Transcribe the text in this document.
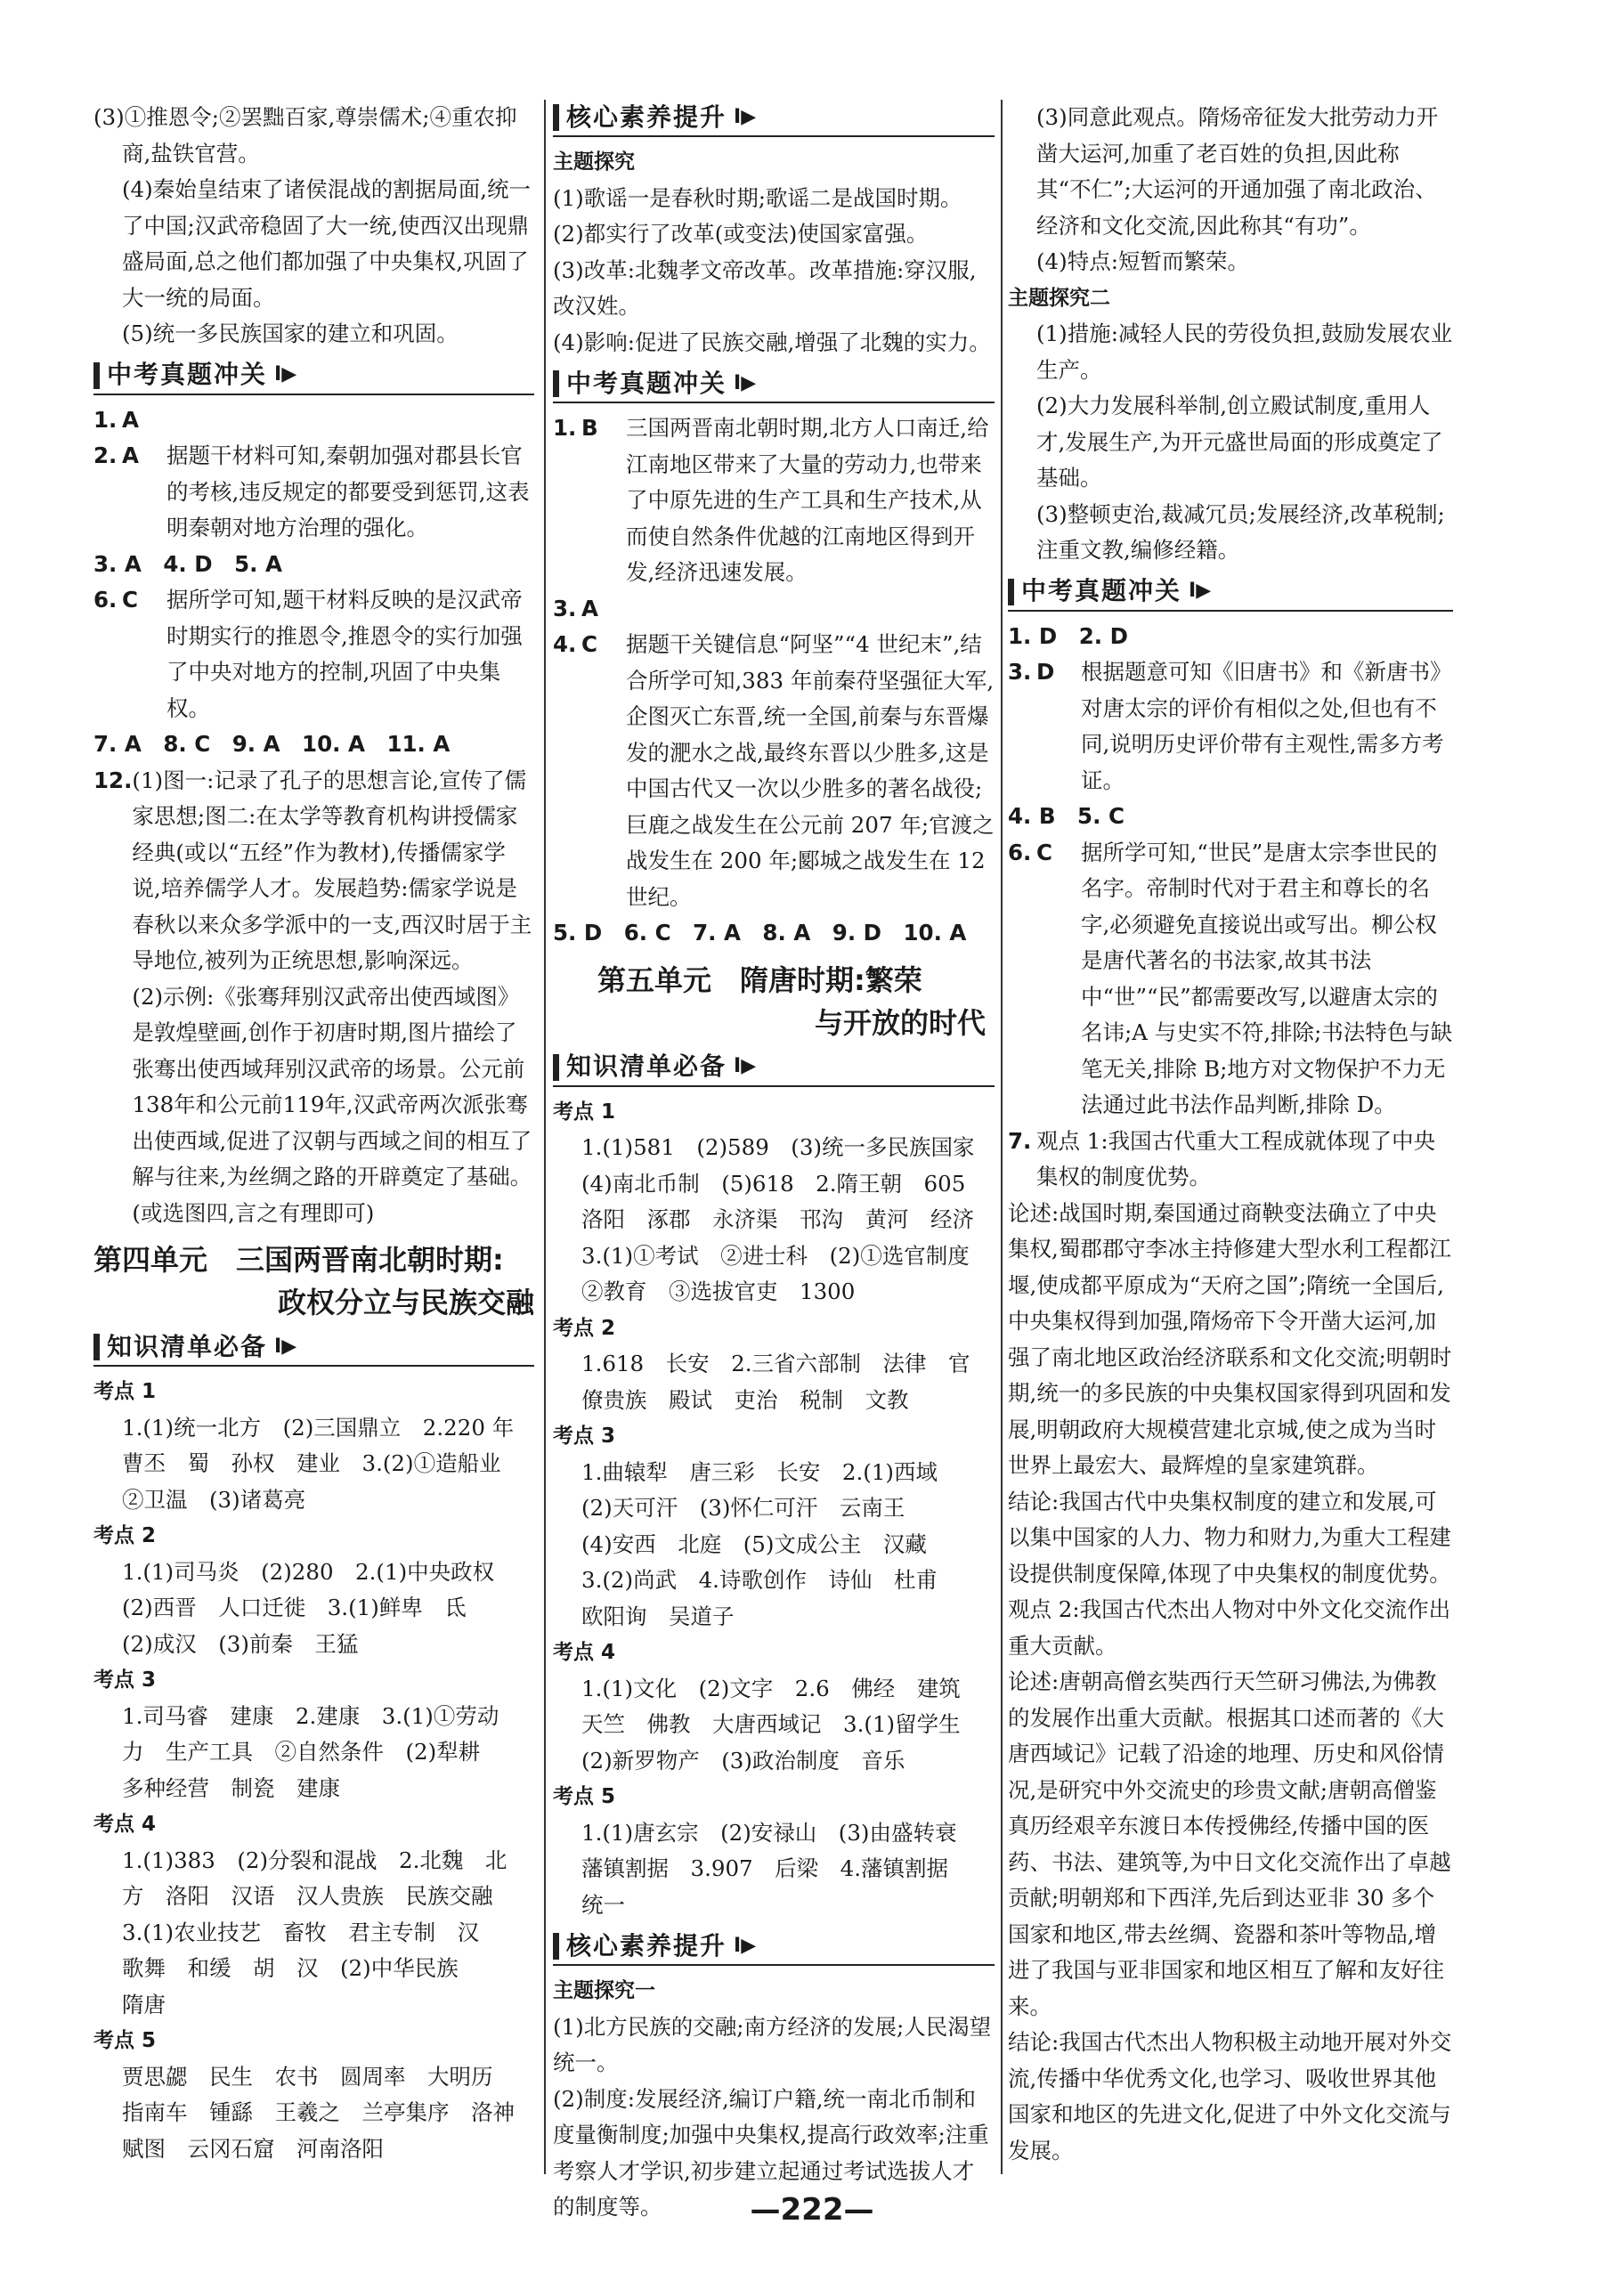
(3)①推恩令;②罢黜百家,尊崇儒术;④重农抑商,盐铁官营。

(4)秦始皇结束了诸侯混战的割据局面,统一了中国;汉武帝稳固了大一统,使西汉出现鼎盛局面,总之他们都加强了中央集权,巩固了大一统的局面。

(5)统一多民族国家的建立和巩固。

中考真题冲关 I▶
1. A
2. A	据题干材料可知,秦朝加强对郡县长官的考核,违反规定的都要受到惩罚,这表明秦朝对地方治理的强化。
3. A　4. D　5. A
6. C	据所学可知,题干材料反映的是汉武帝时期实行的推恩令,推恩令的实行加强了中央对地方的控制,巩固了中央集权。
7. A　8. C　9. A　10. A　11. A
12. (1)图一:记录了孔子的思想言论,宣传了儒家思想;图二:在太学等教育机构讲授儒家经典(或以“五经”作为教材),传播儒家学说,培养儒学人才。发展趋势:儒家学说是春秋以来众多学派中的一支,西汉时居于主导地位,被列为正统思想,影响深远。
(2)示例:《张骞拜别汉武帝出使西域图》是敦煌壁画,创作于初唐时期,图片描绘了张骞出使西域拜别汉武帝的场景。公元前138年和公元前119年,汉武帝两次派张骞出使西域,促进了汉朝与西域之间的相互了解与往来,为丝绸之路的开辟奠定了基础。(或选图四,言之有理即可)
第四单元　三国两晋南北朝时期:
政权分立与民族交融
知识清单必备 I▶
考点 1
1.(1)统一北方　(2)三国鼎立　2.220 年
曹丕　蜀　孙权　建业　3.(2)①造船业
②卫温　(3)诸葛亮
考点 2
1.(1)司马炎　(2)280　2.(1)中央政权
(2)西晋　人口迁徙　3.(1)鲜卑　氐
(2)成汉　(3)前秦　王猛
考点 3
1.司马睿　建康　2.建康　3.(1)①劳动
力　生产工具　②自然条件　(2)犁耕
多种经营　制瓷　建康
考点 4
1.(1)383　(2)分裂和混战　2.北魏　北
方　洛阳　汉语　汉人贵族　民族交融
3.(1)农业技艺　畜牧　君主专制　汉
歌舞　和缓　胡　汉　(2)中华民族
隋唐
考点 5
贾思勰　民生　农书　圆周率　大明历
指南车　锺繇　王羲之　兰亭集序　洛神
赋图　云冈石窟　河南洛阳
核心素养提升 I▶
主题探究

(1)歌谣一是春秋时期;歌谣二是战国时期。

(2)都实行了改革(或变法)使国家富强。

(3)改革:北魏孝文帝改革。改革措施:穿汉服,改汉姓。

(4)影响:促进了民族交融,增强了北魏的实力。

中考真题冲关 I▶
1. B	三国两晋南北朝时期,北方人口南迁,给江南地区带来了大量的劳动力,也带来了中原先进的生产工具和生产技术,从而使自然条件优越的江南地区得到开发,经济迅速发展。
3. A
4. C	据题干关键信息“阿坚”“4 世纪末”,结合所学可知,383 年前秦苻坚强征大军,企图灭亡东晋,统一全国,前秦与东晋爆发的淝水之战,最终东晋以少胜多,这是中国古代又一次以少胜多的著名战役;巨鹿之战发生在公元前 207 年;官渡之战发生在 200 年;郾城之战发生在 12 世纪。
5. D　6. C　7. A　8. A　9. D　10. A
第五单元　隋唐时期:繁荣
与开放的时代
知识清单必备 I▶
考点 1
1.(1)581　(2)589　(3)统一多民族国家
(4)南北币制　(5)618　2.隋王朝　605
洛阳　涿郡　永济渠　邗沟　黄河　经济
3.(1)①考试　②进士科　(2)①选官制度
②教育　③选拔官吏　1300
考点 2
1.618　长安　2.三省六部制　法律　官
僚贵族　殿试　吏治　税制　文教
考点 3
1.曲辕犁　唐三彩　长安　2.(1)西域
(2)天可汗　(3)怀仁可汗　云南王
(4)安西　北庭　(5)文成公主　汉藏
3.(2)尚武　4.诗歌创作　诗仙　杜甫
欧阳询　吴道子
考点 4
1.(1)文化　(2)文字　2.6　佛经　建筑
天竺　佛教　大唐西域记　3.(1)留学生
(2)新罗物产　(3)政治制度　音乐
考点 5
1.(1)唐玄宗　(2)安禄山　(3)由盛转衰
藩镇割据　3.907　后梁　4.藩镇割据
统一
核心素养提升 I▶
主题探究一

(1)北方民族的交融;南方经济的发展;人民渴望统一。

(2)制度:发展经济,编订户籍,统一南北币制和度量衡制度;加强中央集权,提高行政效率;注重考察人才学识,初步建立起通过考试选拔人才的制度等。

(3)同意此观点。隋炀帝征发大批劳动力开凿大运河,加重了老百姓的负担,因此称其“不仁”;大运河的开通加强了南北政治、经济和文化交流,因此称其“有功”。

(4)特点:短暂而繁荣。

主题探究二

(1)措施:减轻人民的劳役负担,鼓励发展农业生产。

(2)大力发展科举制,创立殿试制度,重用人才,发展生产,为开元盛世局面的形成奠定了基础。

(3)整顿吏治,裁减冗员;发展经济,改革税制;注重文教,编修经籍。

中考真题冲关 I▶
1. D　2. D
3. D	根据题意可知《旧唐书》和《新唐书》对唐太宗的评价有相似之处,但也有不同,说明历史评价带有主观性,需多方考证。
4. B　5. C
6. C	据所学可知,“世民”是唐太宗李世民的名字。帝制时代对于君主和尊长的名字,必须避免直接说出或写出。柳公权是唐代著名的书法家,故其书法中“世”“民”都需要改写,以避唐太宗的名讳;A 与史实不符,排除;书法特色与缺笔无关,排除 B;地方对文物保护不力无法通过此书法作品判断,排除 D。
7. 观点 1:我国古代重大工程成就体现了中央集权的制度优势。
论述:战国时期,秦国通过商鞅变法确立了中央集权,蜀郡郡守李冰主持修建大型水利工程都江堰,使成都平原成为“天府之国”;隋统一全国后,中央集权得到加强,隋炀帝下令开凿大运河,加强了南北地区政治经济联系和文化交流;明朝时期,统一的多民族的中央集权国家得到巩固和发展,明朝政府大规模营建北京城,使之成为当时世界上最宏大、最辉煌的皇家建筑群。
结论:我国古代中央集权制度的建立和发展,可以集中国家的人力、物力和财力,为重大工程建设提供制度保障,体现了中央集权的制度优势。
观点 2:我国古代杰出人物对中外文化交流作出重大贡献。
论述:唐朝高僧玄奘西行天竺研习佛法,为佛教的发展作出重大贡献。根据其口述而著的《大唐西域记》记载了沿途的地理、历史和风俗情况,是研究中外交流史的珍贵文献;唐朝高僧鉴真历经艰辛东渡日本传授佛经,传播中国的医药、书法、建筑等,为中日文化交流作出了卓越贡献;明朝郑和下西洋,先后到达亚非 30 多个国家和地区,带去丝绸、瓷器和茶叶等物品,增进了我国与亚非国家和地区相互了解和友好往来。
结论:我国古代杰出人物积极主动地开展对外交流,传播中华优秀文化,也学习、吸收世界其他国家和地区的先进文化,促进了中外文化交流与发展。
—222—
